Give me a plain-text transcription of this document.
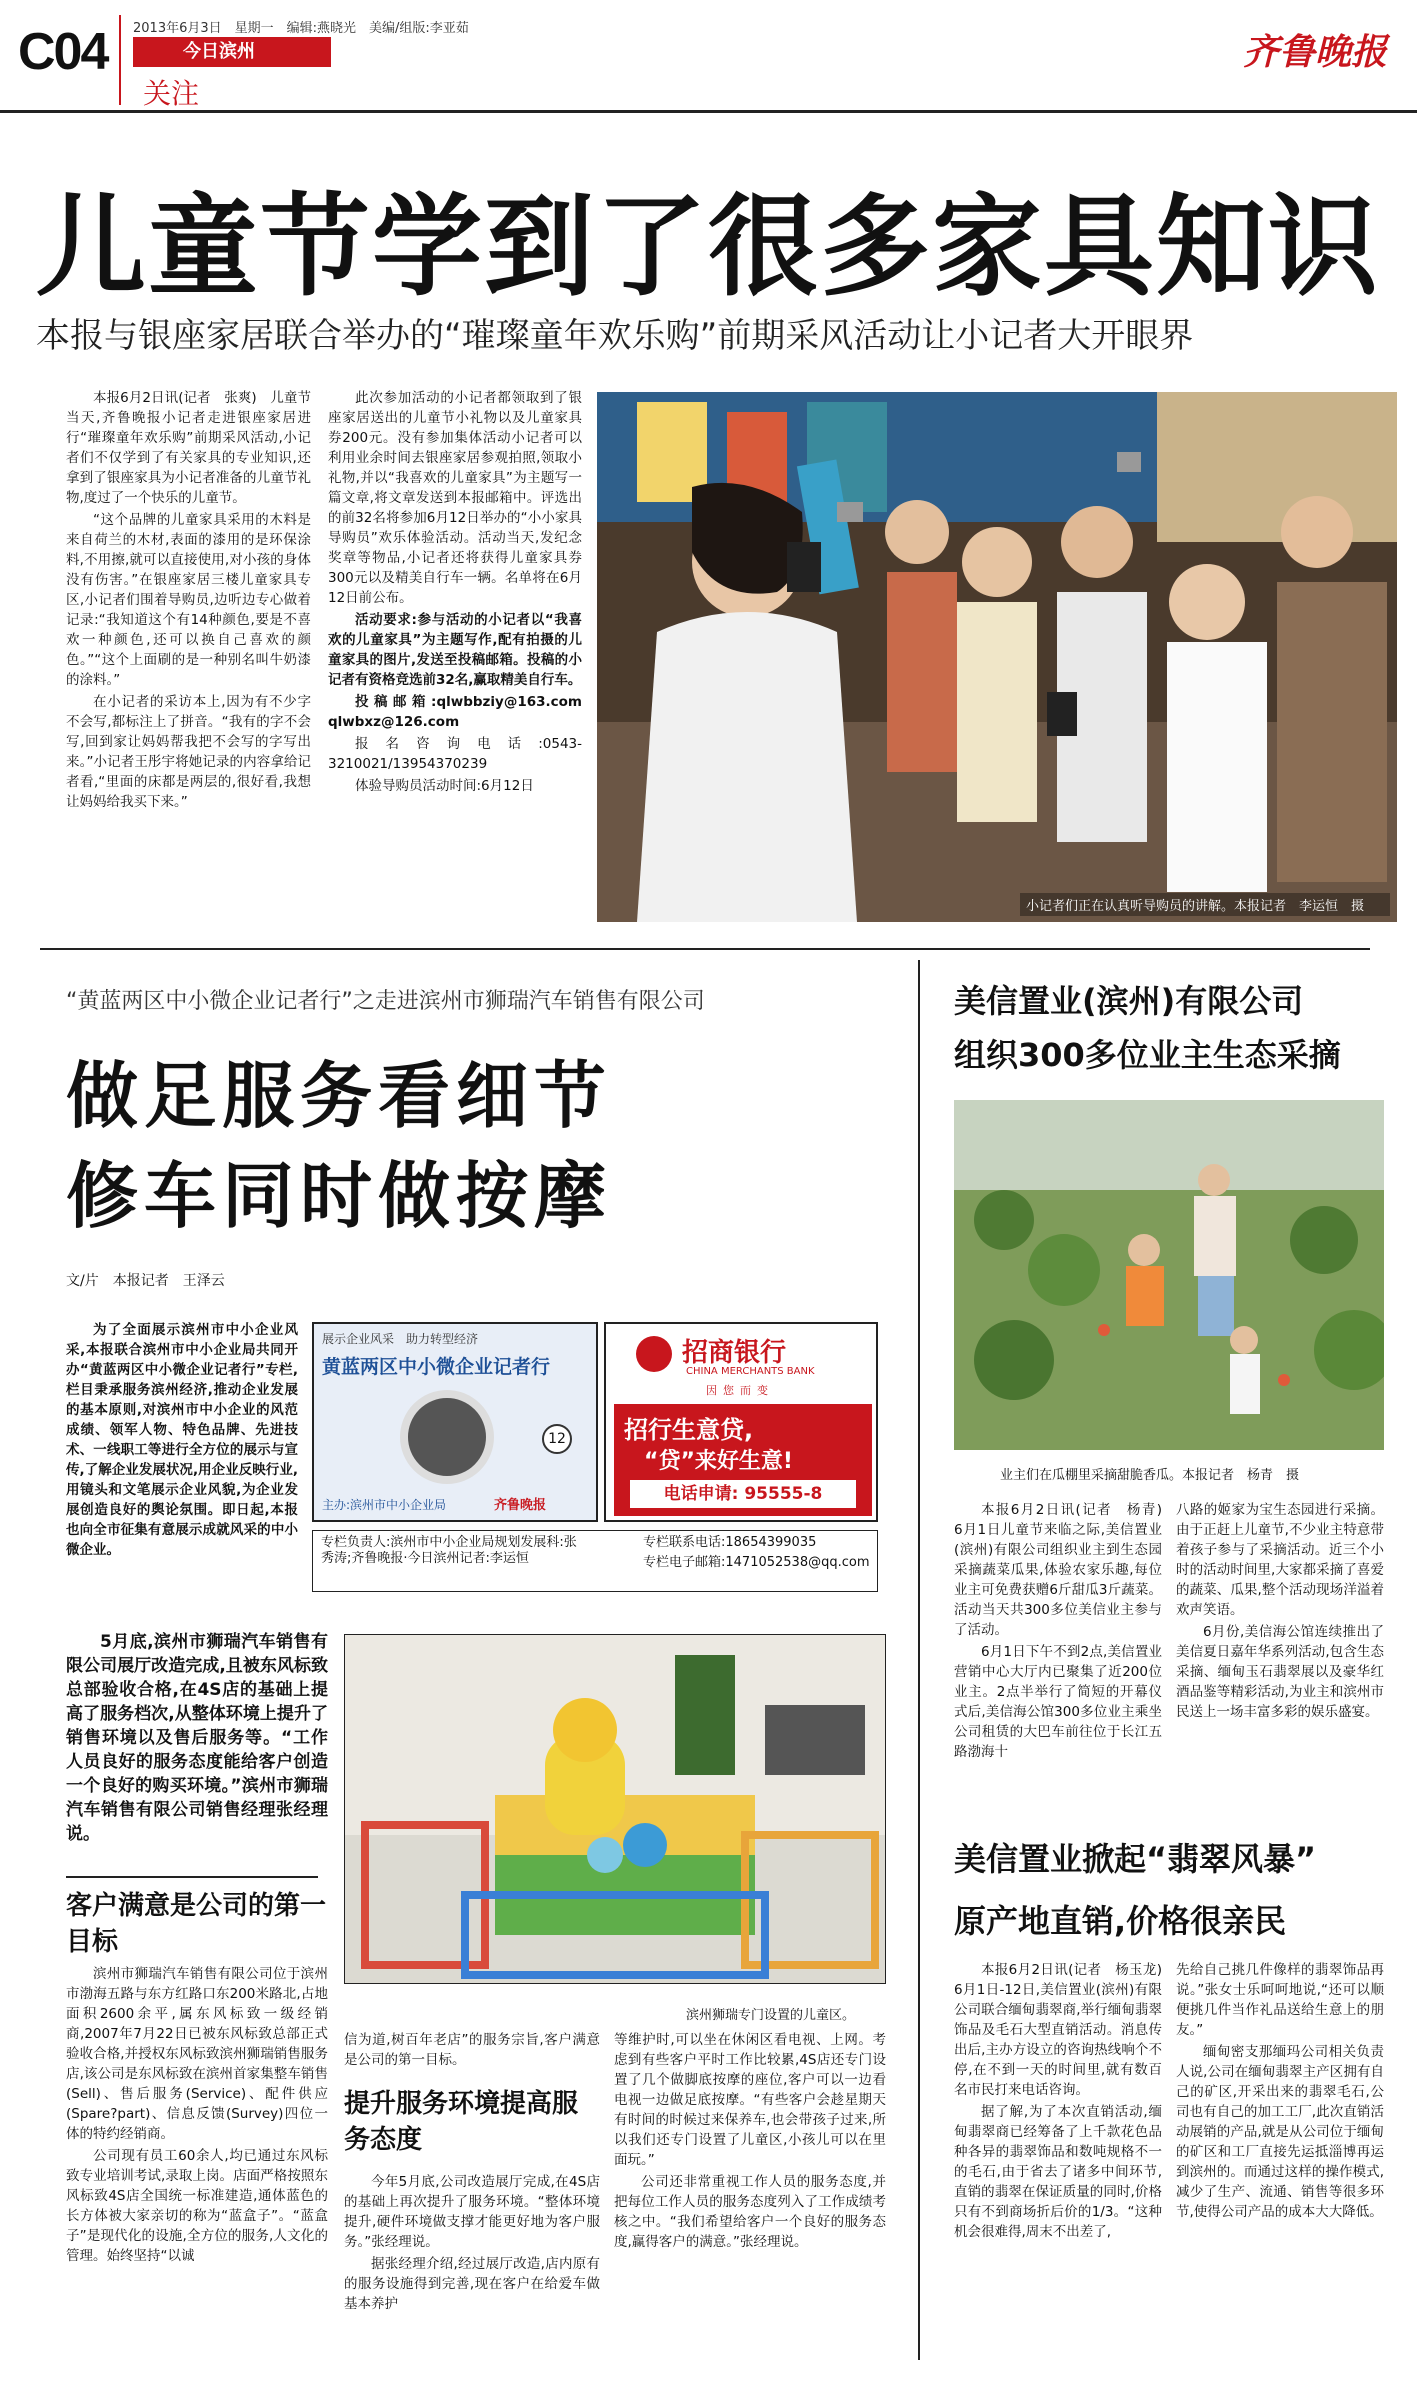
C04 2013年6月3日　星期一　编辑:燕晓光　美编/组版:李亚茹
今日滨州
关注
齐鲁晚报
儿童节学到了很多家具知识
本报与银座家居联合举办的“璀璨童年欢乐购”前期采风活动让小记者大开眼界

本报6月2日讯(记者　张爽)　儿童节当天,齐鲁晚报小记者走进银座家居进行“璀璨童年欢乐购”前期采风活动,小记者们不仅学到了有关家具的专业知识,还拿到了银座家具为小记者准备的儿童节礼物,度过了一个快乐的儿童节。

“这个品牌的儿童家具采用的木料是来自荷兰的木材,表面的漆用的是环保涂料,不用擦,就可以直接使用,对小孩的身体没有伤害。”在银座家居三楼儿童家具专区,小记者们围着导购员,边听边专心做着记录:“我知道这个有14种颜色,要是不喜欢一种颜色,还可以换自己喜欢的颜色。”“这个上面刷的是一种别名叫牛奶漆的涂料。”

在小记者的采访本上,因为有不少字不会写,都标注上了拼音。“我有的字不会写,回到家让妈妈帮我把不会写的字写出来。”小记者王彤宇将她记录的内容拿给记者看,“里面的床都是两层的,很好看,我想让妈妈给我买下来。”

此次参加活动的小记者都领取到了银座家居送出的儿童节小礼物以及儿童家具券200元。没有参加集体活动小记者可以利用业余时间去银座家居参观拍照,领取小礼物,并以“我喜欢的儿童家具”为主题写一篇文章,将文章发送到本报邮箱中。评选出的前32名将参加6月12日举办的“小小家具导购员”欢乐体验活动。活动当天,发纪念奖章等物品,小记者还将获得儿童家具券300元以及精美自行车一辆。名单将在6月12日前公布。

活动要求:参与活动的小记者以“我喜欢的儿童家具”为主题写作,配有拍摄的儿童家具的图片,发送至投稿邮箱。投稿的小记者有资格竞选前32名,赢取精美自行车。

投稿邮箱:qlwbbziy@163.com qlwbxz@126.com

报名咨询电话:0543-3210021/13954370239

体验导购员活动时间:6月12日

小记者们正在认真听导购员的讲解。本报记者　李运恒　摄
“黄蓝两区中小微企业记者行”之走进滨州市狮瑞汽车销售有限公司
做足服务看细节
修车同时做按摩
文/片　本报记者　王泽云

为了全面展示滨州市中小企业风采,本报联合滨州市中小企业局共同开办“黄蓝两区中小微企业记者行”专栏,栏目秉承服务滨州经济,推动企业发展的基本原则,对滨州市中小企业的风范成绩、领军人物、特色品牌、先进技术、一线职工等进行全方位的展示与宣传,了解企业发展状况,用企业反映行业,用镜头和文笔展示企业风貌,为企业发展创造良好的舆论氛围。即日起,本报也向全市征集有意展示成就风采的中小微企业。

展示企业风采　助力转型经济
黄蓝两区中小微企业记者行
12
主办:滨州市中小企业局	齐鲁晚报
招商银行
CHINA MERCHANTS BANK
因您而变
招行生意贷,
“贷”来好生意!
电话申请: 95555-8
专栏负责人:滨州市中小企业局规划发展科:张秀涛;齐鲁晚报·今日滨州记者:李运恒
专栏联系电话:18654399035
专栏电子邮箱:1471052538@qq.com

5月底,滨州市狮瑞汽车销售有限公司展厅改造完成,且被东风标致总部验收合格,在4S店的基础上提高了服务档次,从整体环境上提升了销售环境以及售后服务等。“工作人员良好的服务态度能给客户创造一个良好的购买环境。”滨州市狮瑞汽车销售有限公司销售经理张经理说。

客户满意是公司的第一目标

滨州市狮瑞汽车销售有限公司位于滨州市渤海五路与东方红路口东200米路北,占地面积2600余平,属东风标致一级经销商,2007年7月22日已被东风标致总部正式验收合格,并授权东风标致滨州狮瑞销售服务店,该公司是东风标致在滨州首家集整车销售(Sell)、售后服务(Service)、配件供应(Spare?part)、信息反馈(Survey)四位一体的特约经销商。

公司现有员工60余人,均已通过东风标致专业培训考试,录取上岗。店面严格按照东风标致4S店全国统一标准建造,通体蓝色的长方体被大家亲切的称为“蓝盒子”。“蓝盒子”是现代化的设施,全方位的服务,人文化的管理。始终坚持“以诚

滨州狮瑞专门设置的儿童区。

信为道,树百年老店”的服务宗旨,客户满意是公司的第一目标。

提升服务环境提高服务态度

今年5月底,公司改造展厅完成,在4S店的基础上再次提升了服务环境。“整体环境提升,硬件环境做支撑才能更好地为客户服务。”张经理说。

据张经理介绍,经过展厅改造,店内原有的服务设施得到完善,现在客户在给爱车做基本养护

等维护时,可以坐在休闲区看电视、上网。考虑到有些客户平时工作比较累,4S店还专门设置了几个做脚底按摩的座位,客户可以一边看电视一边做足底按摩。“有些客户会趁星期天有时间的时候过来保养车,也会带孩子过来,所以我们还专门设置了儿童区,小孩儿可以在里面玩。”

公司还非常重视工作人员的服务态度,并把每位工作人员的服务态度列入了工作成绩考核之中。“我们希望给客户一个良好的服务态度,赢得客户的满意。”张经理说。

美信置业(滨州)有限公司
组织300多位业主生态采摘
业主们在瓜棚里采摘甜脆香瓜。本报记者　杨青　摄

本报6月2日讯(记者　杨青)　6月1日儿童节来临之际,美信置业(滨州)有限公司组织业主到生态园采摘蔬菜瓜果,体验农家乐趣,每位业主可免费获赠6斤甜瓜3斤蔬菜。活动当天共300多位美信业主参与了活动。

6月1日下午不到2点,美信置业营销中心大厅内已聚集了近200位业主。2点半举行了简短的开幕仪式后,美信海公馆300多位业主乘坐公司租赁的大巴车前往位于长江五路渤海十

八路的姬家为宝生态园进行采摘。由于正赶上儿童节,不少业主特意带着孩子参与了采摘活动。近三个小时的活动时间里,大家都采摘了喜爱的蔬菜、瓜果,整个活动现场洋溢着欢声笑语。

6月份,美信海公馆连续推出了美信夏日嘉年华系列活动,包含生态采摘、缅甸玉石翡翠展以及豪华红酒品鉴等精彩活动,为业主和滨州市民送上一场丰富多彩的娱乐盛宴。

美信置业掀起“翡翠风暴”
原产地直销,价格很亲民

本报6月2日讯(记者　杨玉龙)　6月1日-12日,美信置业(滨州)有限公司联合缅甸翡翠商,举行缅甸翡翠饰品及毛石大型直销活动。消息传出后,主办方设立的咨询热线响个不停,在不到一天的时间里,就有数百名市民打来电话咨询。

据了解,为了本次直销活动,缅甸翡翠商已经筹备了上千款花色品种各异的翡翠饰品和数吨规格不一的毛石,由于省去了诸多中间环节,直销的翡翠在保证质量的同时,价格只有不到商场折后价的1/3。“这种机会很难得,周末不出差了,

先给自己挑几件像样的翡翠饰品再说。”张女士乐呵呵地说,“还可以顺便挑几件当作礼品送给生意上的朋友。”

缅甸密支那缅玛公司相关负责人说,公司在缅甸翡翠主产区拥有自己的矿区,开采出来的翡翠毛石,公司也有自己的加工工厂,此次直销活动展销的产品,就是从公司位于缅甸的矿区和工厂直接先运抵淄博再运到滨州的。而通过这样的操作模式,减少了生产、流通、销售等很多环节,使得公司产品的成本大大降低。
